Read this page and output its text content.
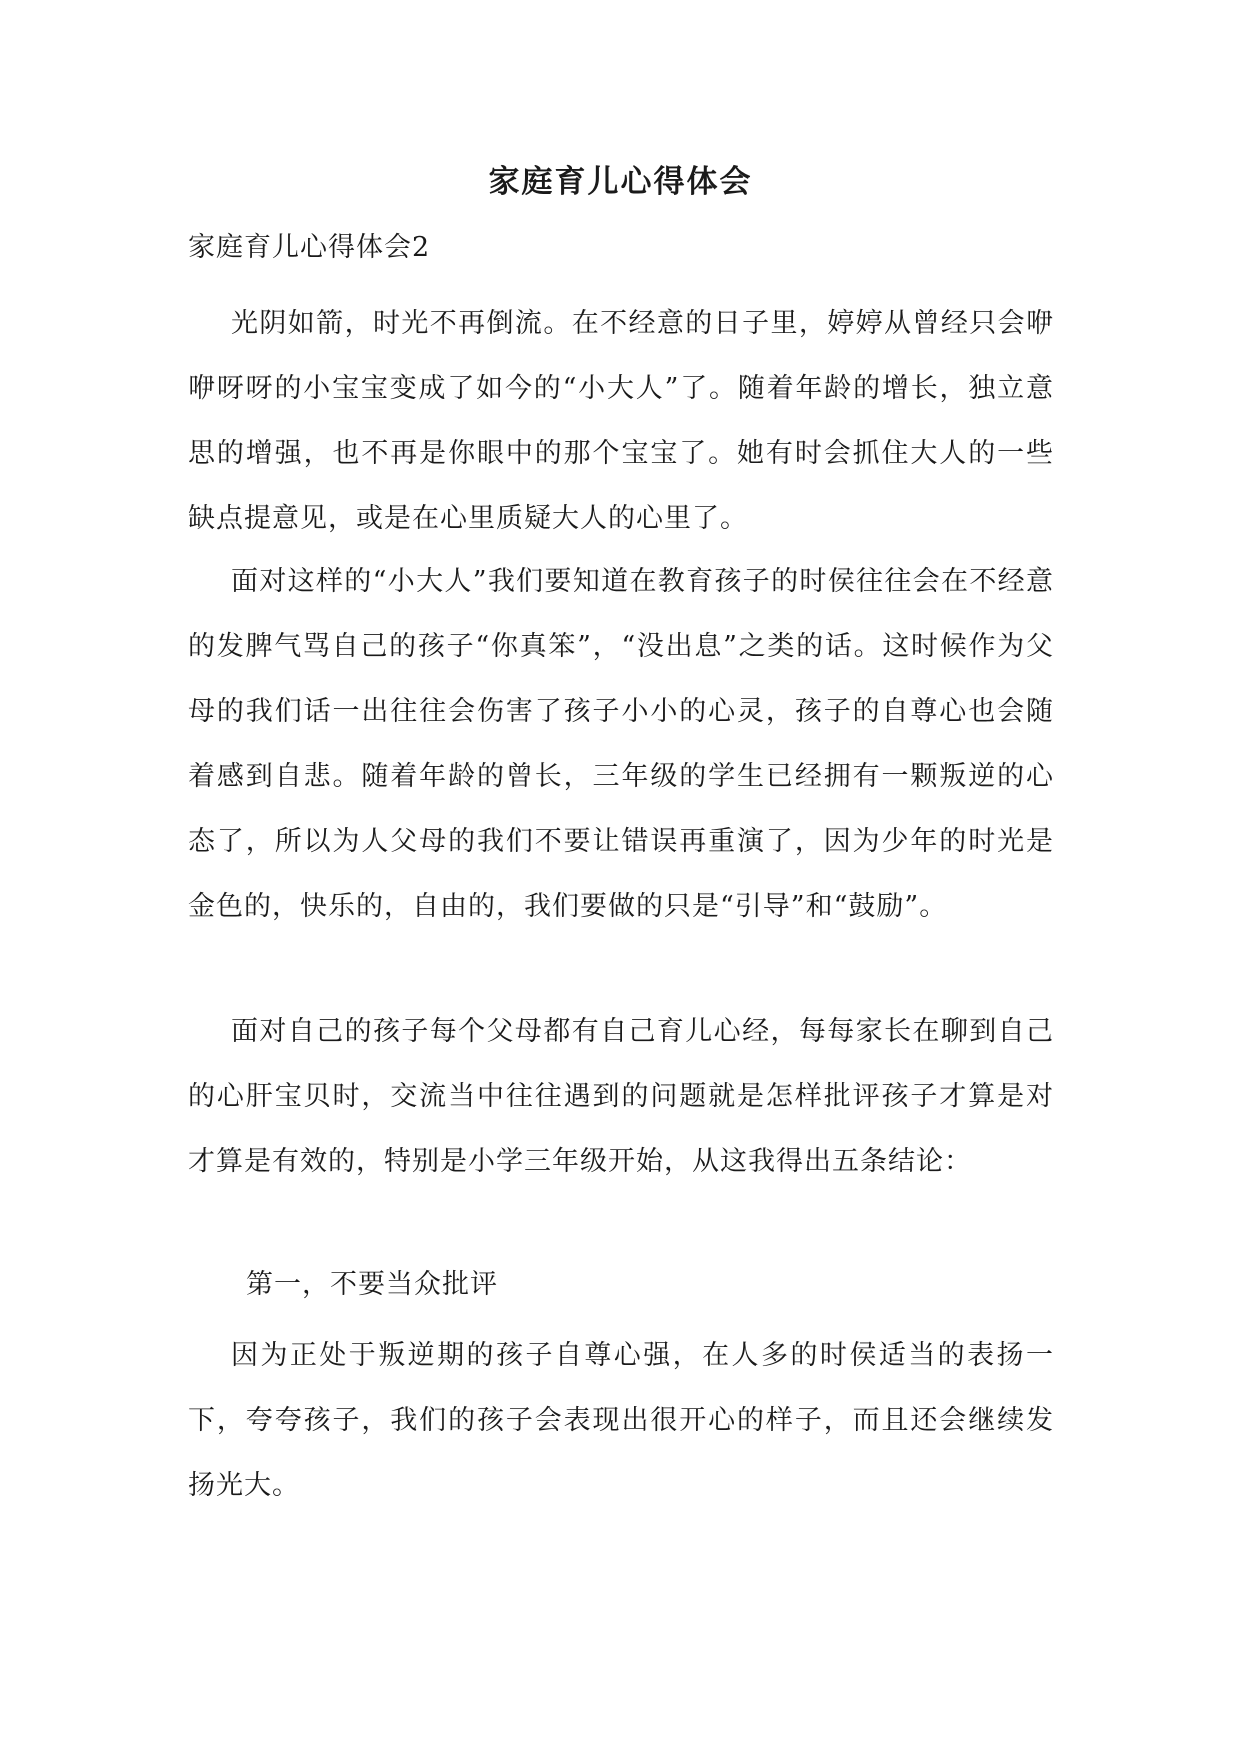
家庭育儿心得体会

家庭育儿心得体会2

光阴如箭，时光不再倒流。在不经意的日子里，婷婷从曾经只会咿咿呀呀的小宝宝变成了如今的“小大人”了。随着年龄的增长，独立意思的增强，也不再是你眼中的那个宝宝了。她有时会抓住大人的一些缺点提意见，或是在心里质疑大人的心里了。

面对这样的“小大人”我们要知道在教育孩子的时侯往往会在不经意的发脾气骂自己的孩子“你真笨”，“没出息”之类的话。这时候作为父母的我们话一出往往会伤害了孩子小小的心灵，孩子的自尊心也会随着感到自悲。随着年龄的曾长，三年级的学生已经拥有一颗叛逆的心态了，所以为人父母的我们不要让错误再重演了，因为少年的时光是金色的，快乐的，自由的，我们要做的只是“引导”和“鼓励”。

面对自己的孩子每个父母都有自己育儿心经，每每家长在聊到自己的心肝宝贝时，交流当中往往遇到的问题就是怎样批评孩子才算是对才算是有效的，特别是小学三年级开始，从这我得出五条结论：

第一，不要当众批评

因为正处于叛逆期的孩子自尊心强，在人多的时侯适当的表扬一下，夸夸孩子，我们的孩子会表现出很开心的样子，而且还会继续发扬光大。
